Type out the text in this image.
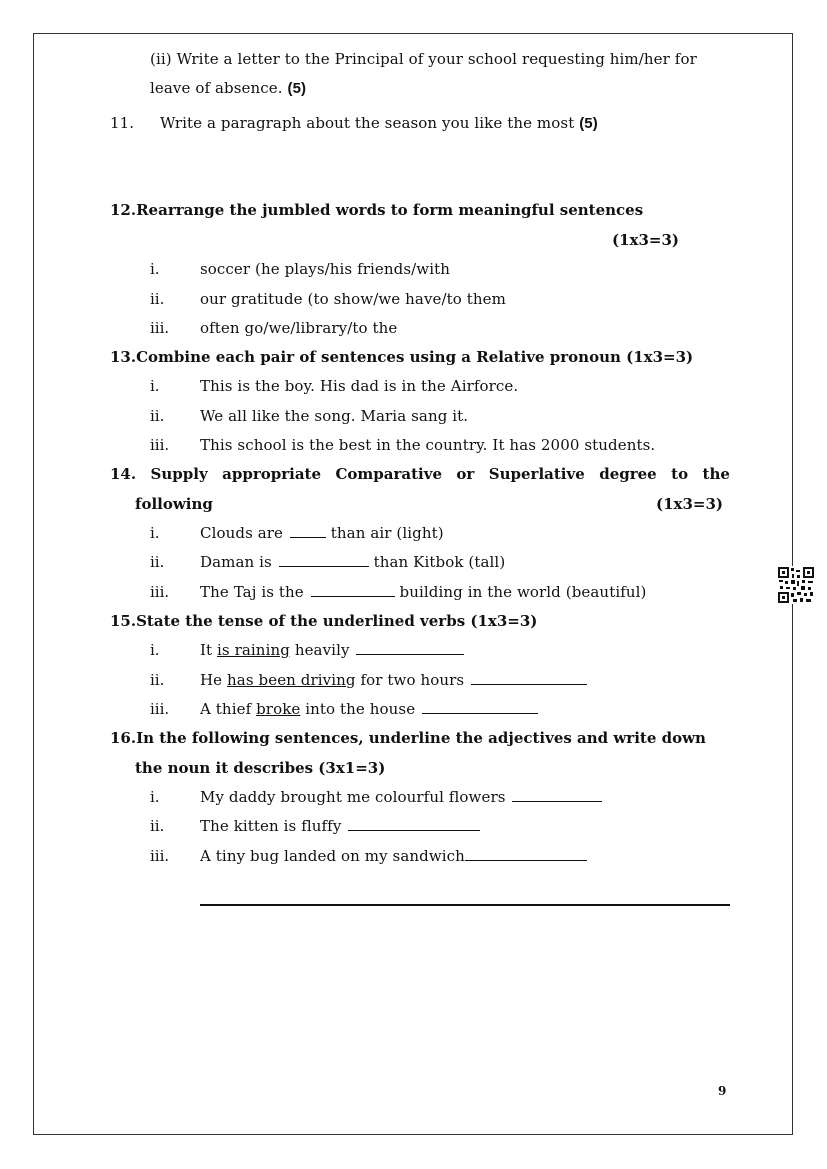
(ii) Write a letter to the Principal of your school requesting him/her for
leave of absence. (5)
11. Write a paragraph about the season you like the most (5)
12.Rearrange the jumbled words to form meaningful sentences
(1x3=3)
i.	soccer (he plays/his friends/with
ii. our gratitude (to show/we have/to them
iii. often go/we/library/to the
13.Combine each pair of sentences using a Relative pronoun (1x3=3)
i.	This is the boy. His dad is in the Airforce.
ii. We all like the song. Maria sang it.
iii. This school is the best in the country. It has 2000 students.
14. Supply appropriate Comparative or Superlative degree to the
following	(1x3=3)
i.	Clouds are	than air (light)
ii. Daman is	than Kitbok (tall)
iii. The Taj is the	building in the world (beautiful)
15.State the tense of the underlined verbs (1x3=3)
i.	It is raining heavily
ii. He has been driving for two hours
iii. A thief broke into the house
16.In the following sentences, underline the adjectives and write down
the noun it describes (3x1=3)
i.	My daddy brought me colourful flowers
ii. The kitten is fluffy
iii. A tiny bug landed on my sandwich
9
